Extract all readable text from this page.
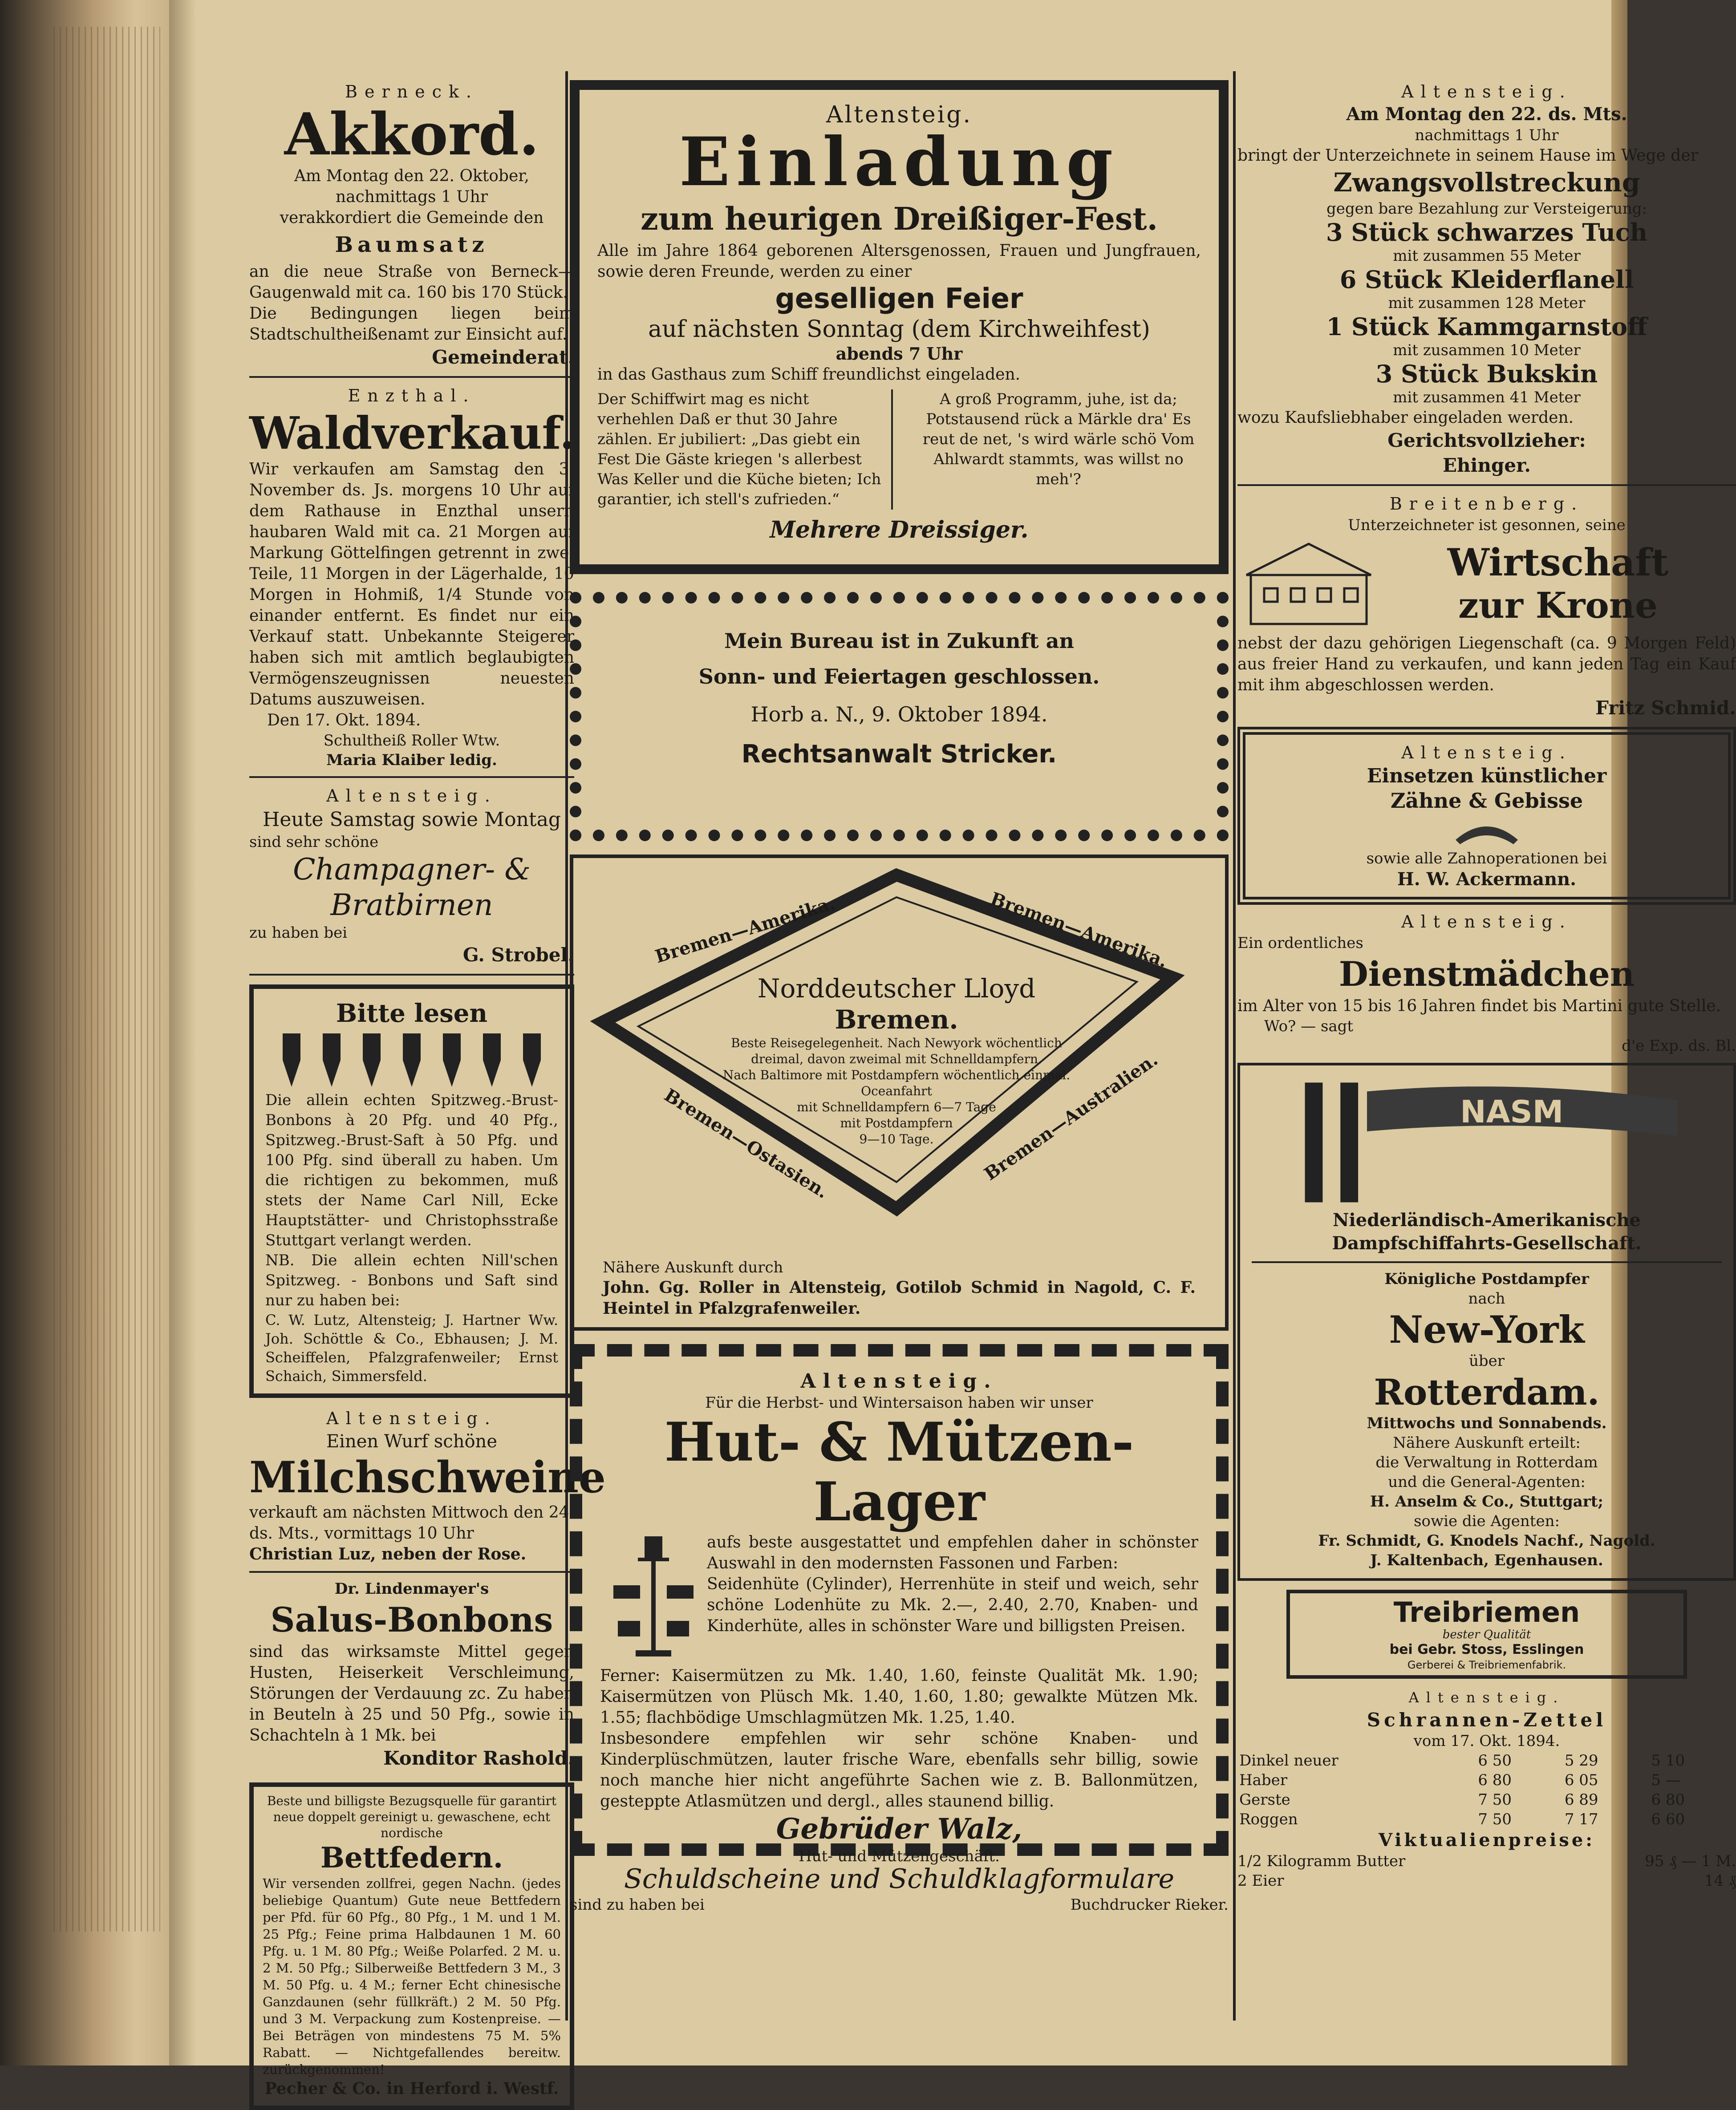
Berneck.
Akkord.
Am Montag den 22. Oktober,
nachmittags 1 Uhr
verakkordiert die Gemeinde den
Baumsatz
an die neue Straße von Berneck—Gaugenwald mit ca. 160 bis 170 Stück.
Die Bedingungen liegen beim Stadtschultheißenamt zur Einsicht auf.
Gemeinderat.
Enzthal.
Waldverkauf.
Wir verkaufen am Samstag den 3. November ds. Js. morgens 10 Uhr auf dem Rathause in Enzthal unsern haubaren Wald mit ca. 21 Morgen auf Markung Göttelfingen getrennt in zwei Teile, 11 Morgen in der Lägerhalde, 10 Morgen in Hohmiß, 1/4 Stunde von einander entfernt. Es findet nur ein Verkauf statt. Unbekannte Steigerer haben sich mit amtlich beglaubigten Vermögenszeugnissen neuesten Datums auszuweisen.
Den 17. Okt. 1894.
Schultheiß Roller Wtw.
Maria Klaiber ledig.
Altensteig.
Heute Samstag sowie Montag
sind sehr schöne
Champagner- &
Bratbirnen
zu haben bei
G. Strobel.
Bitte lesen
Die allein echten Spitzweg.-Brust-Bonbons à 20 Pfg. und 40 Pfg., Spitzweg.-Brust-Saft à 50 Pfg. und 100 Pfg. sind überall zu haben. Um die richtigen zu bekommen, muß stets der Name Carl Nill, Ecke Hauptstätter- und Christophsstraße Stuttgart verlangt werden.
NB. Die allein echten Nill'schen Spitzweg. - Bonbons und Saft sind nur zu haben bei:
C. W. Lutz, Altensteig; J. Hartner Ww. Joh. Schöttle & Co., Ebhausen; J. M. Scheiffelen, Pfalzgrafenweiler; Ernst Schaich, Simmersfeld.
Altensteig.
Einen Wurf schöne
Milchschweine
verkauft am nächsten Mittwoch den 24. ds. Mts., vormittags 10 Uhr
Christian Luz, neben der Rose.
Dr. Lindenmayer's
Salus-Bonbons
sind das wirksamste Mittel gegen Husten, Heiserkeit Verschleimung, Störungen der Verdauung zc. Zu haben in Beuteln à 25 und 50 Pfg., sowie in Schachteln à 1 Mk. bei
Konditor Rashold.
Beste und billigste Bezugsquelle für garantirt neue doppelt gereinigt u. gewaschene, echt nordische
Bettfedern.
Wir versenden zollfrei, gegen Nachn. (jedes beliebige Quantum) Gute neue Bettfedern per Pfd. für 60 Pfg., 80 Pfg., 1 M. und 1 M. 25 Pfg.; Feine prima Halbdaunen 1 M. 60 Pfg. u. 1 M. 80 Pfg.; Weiße Polarfed. 2 M. u. 2 M. 50 Pfg.; Silberweiße Bettfedern 3 M., 3 M. 50 Pfg. u. 4 M.; ferner Echt chinesische Ganzdaunen (sehr füllkräft.) 2 M. 50 Pfg. und 3 M. Verpackung zum Kostenpreise. — Bei Beträgen von mindestens 75 M. 5% Rabatt. — Nichtgefallendes bereitw. zurückgenommen!
Pecher & Co. in Herford i. Westf.
Altensteig.
Einladung
zum heurigen Dreißiger-Fest.
Alle im Jahre 1864 geborenen Altersgenossen, Frauen und Jungfrauen, sowie deren Freunde, werden zu einer
geselligen Feier
auf nächsten Sonntag (dem Kirchweihfest)
abends 7 Uhr
in das Gasthaus zum Schiff freundlichst eingeladen.
Der Schiffwirt mag es nicht verhehlen Daß er thut 30 Jahre zählen. Er jubiliert: „Das giebt ein Fest Die Gäste kriegen 's allerbest Was Keller und die Küche bieten; Ich garantier, ich stell's zufrieden.“
A groß Programm, juhe, ist da; Potstausend rück a Märkle dra' Es reut de net, 's wird wärle schö Vom Ahlwardt stammts, was willst no meh'?
Mehrere Dreissiger.
Mein Bureau ist in Zukunft an
Sonn- und Feiertagen geschlossen.
Horb a. N., 9. Oktober 1894.
Rechtsanwalt Stricker.
Bremen—Amerika.	Bremen—Amerika.
Bremen—Ostasien.	Bremen—Australien.
Norddeutscher Lloyd
Bremen.
Beste Reisegelegenheit. Nach Newyork wöchentlich dreimal, davon zweimal mit Schnelldampfern.
Nach Baltimore mit Postdampfern wöchentlich einmal.
Oceanfahrt
mit Schnelldampfern 6—7 Tage
mit Postdampfern
9—10 Tage.
Nähere Auskunft durch
John. Gg. Roller in Altensteig, Gotilob Schmid in Nagold, C. F. Heintel in Pfalzgrafenweiler.
Altensteig.
Für die Herbst- und Wintersaison haben wir unser
Hut- & Mützen-Lager
aufs beste ausgestattet und empfehlen daher in schönster Auswahl in den modernsten Fassonen und Farben:
Seidenhüte (Cylinder), Herrenhüte in steif und weich, sehr schöne Lodenhüte zu Mk. 2.—, 2.40, 2.70, Knaben- und Kinderhüte, alles in schönster Ware und billigsten Preisen.
Ferner: Kaisermützen zu Mk. 1.40, 1.60, feinste Qualität Mk. 1.90; Kaisermützen von Plüsch Mk. 1.40, 1.60, 1.80; gewalkte Mützen Mk. 1.55; flachbödige Umschlagmützen Mk. 1.25, 1.40.
Insbesondere empfehlen wir sehr schöne Knaben- und Kinderplüschmützen, lauter frische Ware, ebenfalls sehr billig, sowie noch manche hier nicht angeführte Sachen wie z. B. Ballonmützen, gesteppte Atlasmützen und dergl., alles staunend billig.
Gebrüder Walz,
Hut- und Mützengeschäft.
Schuldscheine und Schuldklagformulare
sind zu haben bei	Buchdrucker Rieker.
Altensteig.
Am Montag den 22. ds. Mts.
nachmittags 1 Uhr
bringt der Unterzeichnete in seinem Hause im Wege der
Zwangsvollstreckung
gegen bare Bezahlung zur Versteigerung:
3 Stück schwarzes Tuch
mit zusammen 55 Meter
6 Stück Kleiderflanell
mit zusammen 128 Meter
1 Stück Kammgarnstoff
mit zusammen 10 Meter
3 Stück Bukskin
mit zusammen 41 Meter
wozu Kaufsliebhaber eingeladen werden.
Gerichtsvollzieher:
Ehinger.
Breitenberg.
Unterzeichneter ist gesonnen, seine
Wirtschaft
zur Krone
nebst der dazu gehörigen Liegenschaft (ca. 9 Morgen Feld) aus freier Hand zu verkaufen, und kann jeden Tag ein Kauf mit ihm abgeschlossen werden.
Fritz Schmid.
Altensteig.
Einsetzen künstlicher
Zähne & Gebisse
sowie alle Zahnoperationen bei
H. W. Ackermann.
Altensteig.
Ein ordentliches
Dienstmädchen
im Alter von 15 bis 16 Jahren findet bis Martini gute Stelle.
Wo? — sagt
d'e Exp. ds. Bl.
NASM
Niederländisch-Amerikanische Dampfschiffahrts-Gesellschaft.
Königliche Postdampfer
nach
New-York
über
Rotterdam.
Mittwochs und Sonnabends.
Nähere Auskunft erteilt:
die Verwaltung in Rotterdam
und die General-Agenten:
H. Anselm & Co., Stuttgart;
sowie die Agenten:
Fr. Schmidt, G. Knodels Nachf., Nagold.
J. Kaltenbach, Egenhausen.
Treibriemen
bester Qualität
bei Gebr. Stoss, Esslingen
Gerberei & Treibriemenfabrik.
Altensteig.
Schrannen-Zettel
vom 17. Okt. 1894.
Dinkel neuer	6 50	5 29	5 10
Haber	6 80	6 05	5 —
Gerste	7 50	6 89	6 80
Roggen	7 50	7 17	6 60
Viktualienpreise:
1/2 Kilogramm Butter	95 ₰ — 1 M.
2 Eier	14 ₰
